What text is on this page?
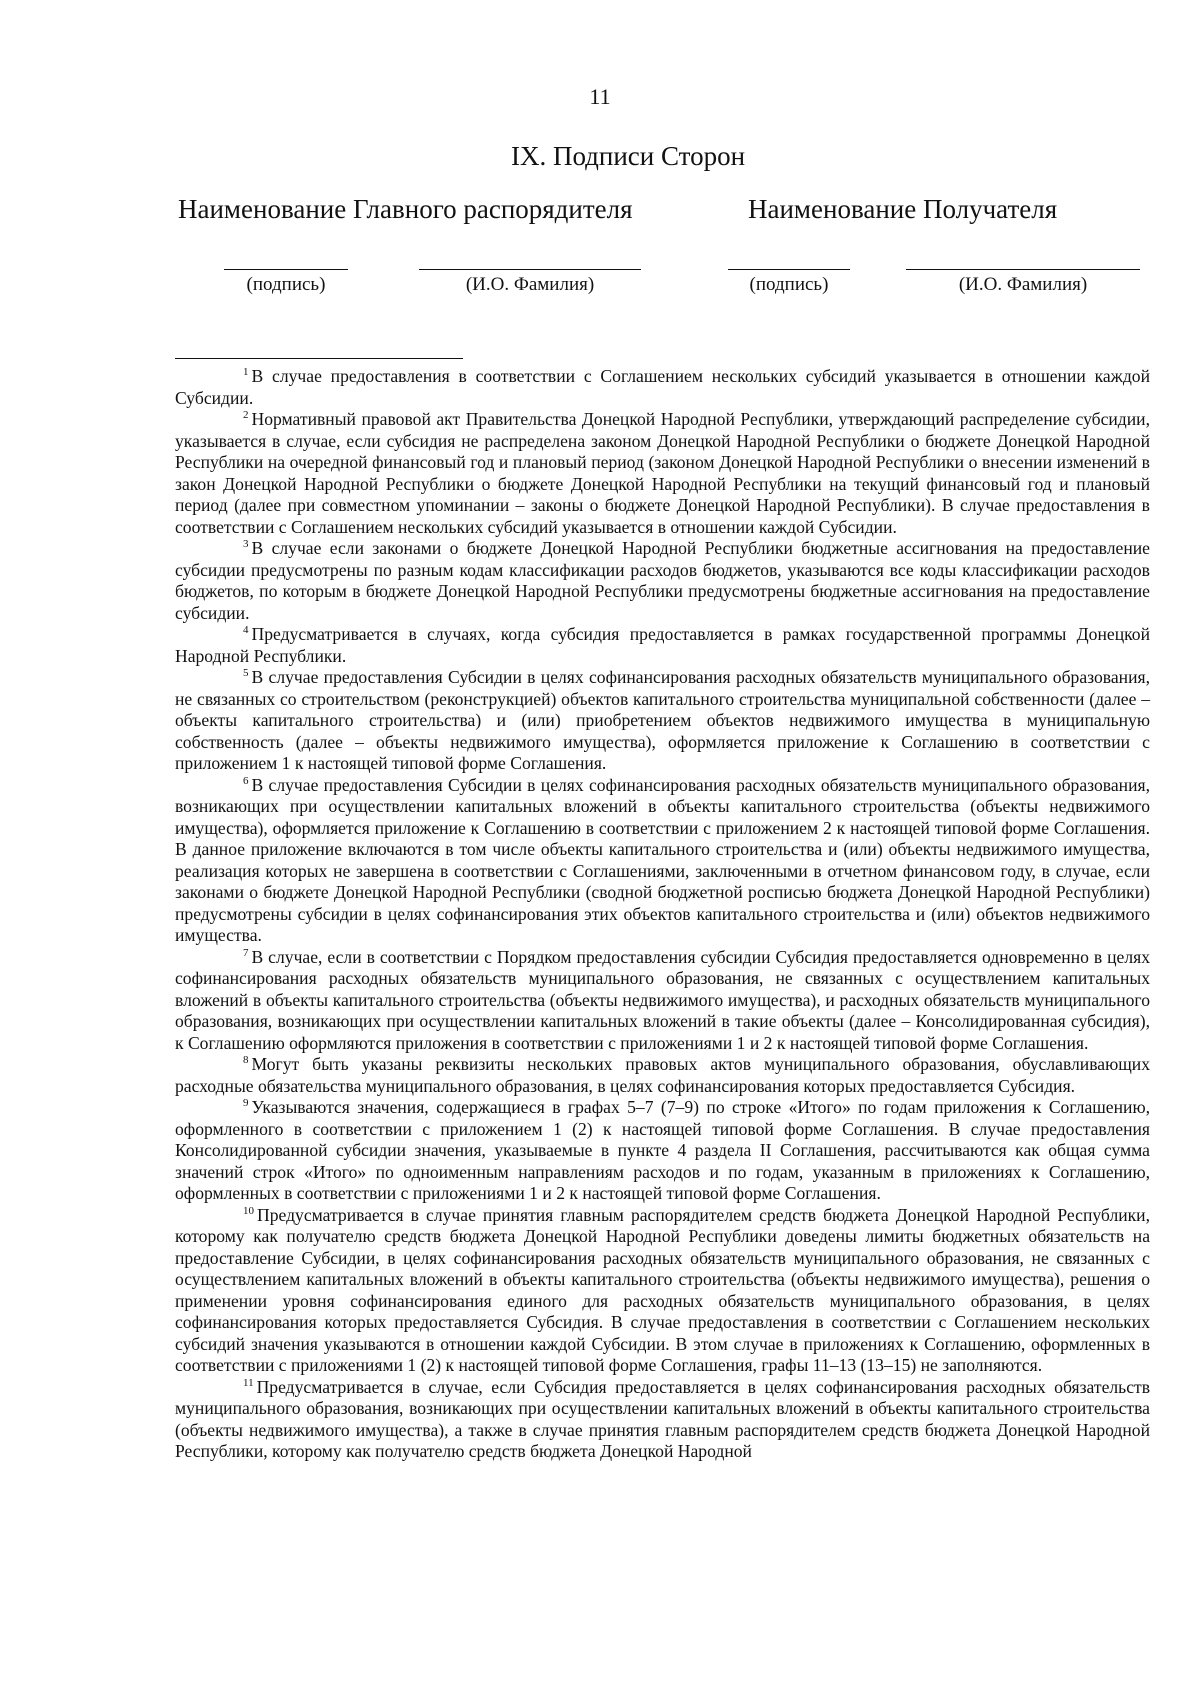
11
IX. Подписи Сторон
Наименование Главного распорядителя	Наименование Получателя
(подпись)	(И.О. Фамилия)	(подпись)	(И.О. Фамилия)

$^1$ В случае предоставления в соответствии с Соглашением нескольких субсидий указывается в отношении каждой Субсидии.

$^2$ Нормативный правовой акт Правительства Донецкой Народной Республики, утверждающий распределение субсидии, указывается в случае, если субсидия не распределена законом Донецкой Народной Республики о бюджете Донецкой Народной Республики на очередной финансовый год и плановый период (законом Донецкой Народной Республики о внесении изменений в закон Донецкой Народной Республики о бюджете Донецкой Народной Республики на текущий финансовый год и плановый период (далее при совместном упоминании – законы о бюджете Донецкой Народной Республики). В случае предоставления в соответствии с Соглашением нескольких субсидий указывается в отношении каждой Субсидии.

$^3$ В случае если законами о бюджете Донецкой Народной Республики бюджетные ассигнования на предоставление субсидии предусмотрены по разным кодам классификации расходов бюджетов, указываются все коды классификации расходов бюджетов, по которым в бюджете Донецкой Народной Республики предусмотрены бюджетные ассигнования на предоставление субсидии.

$^4$ Предусматривается в случаях, когда субсидия предоставляется в рамках государственной программы Донецкой Народной Республики.

$^5$ В случае предоставления Субсидии в целях софинансирования расходных обязательств муниципального образования, не связанных со строительством (реконструкцией) объектов капитального строительства муниципальной собственности (далее – объекты капитального строительства) и (или) приобретением объектов недвижимого имущества в муниципальную собственность (далее – объекты недвижимого имущества), оформляется приложение к Соглашению в соответствии с приложением 1 к настоящей типовой форме Соглашения.

$^6$ В случае предоставления Субсидии в целях софинансирования расходных обязательств муниципального образования, возникающих при осуществлении капитальных вложений в объекты капитального строительства (объекты недвижимого имущества), оформляется приложение к Соглашению в соответствии с приложением 2 к настоящей типовой форме Соглашения. В данное приложение включаются в том числе объекты капитального строительства и (или) объекты недвижимого имущества, реализация которых не завершена в соответствии с Соглашениями, заключенными в отчетном финансовом году, в случае, если законами о бюджете Донецкой Народной Республики (сводной бюджетной росписью бюджета Донецкой Народной Республики) предусмотрены субсидии в целях софинансирования этих объектов капитального строительства и (или) объектов недвижимого имущества.

$^7$ В случае, если в соответствии с Порядком предоставления субсидии Субсидия предоставляется одновременно в целях софинансирования расходных обязательств муниципального образования, не связанных с осуществлением капитальных вложений в объекты капитального строительства (объекты недвижимого имущества), и расходных обязательств муниципального образования, возникающих при осуществлении капитальных вложений в такие объекты (далее – Консолидированная субсидия), к Соглашению оформляются приложения в соответствии с приложениями 1 и 2 к настоящей типовой форме Соглашения.

$^8$ Могут быть указаны реквизиты нескольких правовых актов муниципального образования, обуславливающих расходные обязательства муниципального образования, в целях софинансирования которых предоставляется Субсидия.

$^9$ Указываются значения, содержащиеся в графах 5–7 (7–9) по строке «Итого» по годам приложения к Соглашению, оформленного в соответствии с приложением 1 (2) к настоящей типовой форме Соглашения. В случае предоставления Консолидированной субсидии значения, указываемые в пункте 4 раздела II Соглашения, рассчитываются как общая сумма значений строк «Итого» по одноименным направлениям расходов и по годам, указанным в приложениях к Соглашению, оформленных в соответствии с приложениями 1 и 2 к настоящей типовой форме Соглашения.

$^{10}$ Предусматривается в случае принятия главным распорядителем средств бюджета Донецкой Народной Республики, которому как получателю средств бюджета Донецкой Народной Республики доведены лимиты бюджетных обязательств на предоставление Субсидии, в целях софинансирования расходных обязательств муниципального образования, не связанных с осуществлением капитальных вложений в объекты капитального строительства (объекты недвижимого имущества), решения о применении уровня софинансирования единого для расходных обязательств муниципального образования, в целях софинансирования которых предоставляется Субсидия. В случае предоставления в соответствии с Соглашением нескольких субсидий значения указываются в отношении каждой Субсидии. В этом случае в приложениях к Соглашению, оформленных в соответствии с приложениями 1 (2) к настоящей типовой форме Соглашения, графы 11–13 (13–15) не заполняются.

$^{11}$ Предусматривается в случае, если Субсидия предоставляется в целях софинансирования расходных обязательств муниципального образования, возникающих при осуществлении капитальных вложений в объекты капитального строительства (объекты недвижимого имущества), а также в случае принятия главным распорядителем средств бюджета Донецкой Народной Республики, которому как получателю средств бюджета Донецкой Народной
